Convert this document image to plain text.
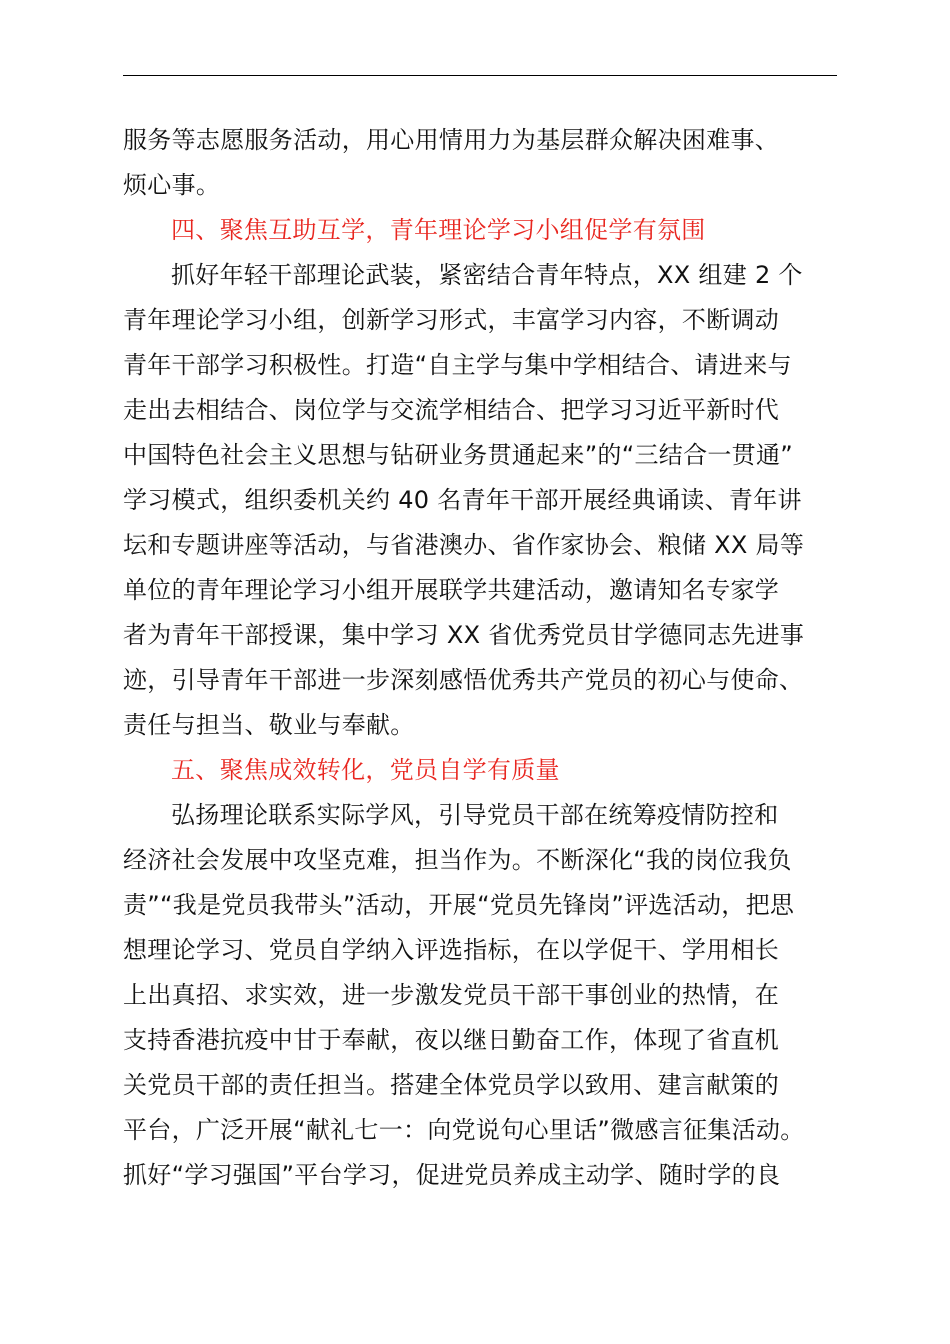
服务等志愿服务活动，用心用情用力为基层群众解决困难事、
烦心事。
四、聚焦互助互学，青年理论学习小组促学有氛围
抓好年轻干部理论武装，紧密结合青年特点，XX 组建 2 个
青年理论学习小组，创新学习形式，丰富学习内容，不断调动
青年干部学习积极性。打造“自主学与集中学相结合、请进来与
走出去相结合、岗位学与交流学相结合、把学习习近平新时代
中国特色社会主义思想与钻研业务贯通起来”的“三结合一贯通”
学习模式，组织委机关约 40 名青年干部开展经典诵读、青年讲
坛和专题讲座等活动，与省港澳办、省作家协会、粮储 XX 局等
单位的青年理论学习小组开展联学共建活动，邀请知名专家学
者为青年干部授课，集中学习 XX 省优秀党员甘学德同志先进事
迹，引导青年干部进一步深刻感悟优秀共产党员的初心与使命、
责任与担当、敬业与奉献。
五、聚焦成效转化，党员自学有质量
弘扬理论联系实际学风，引导党员干部在统筹疫情防控和
经济社会发展中攻坚克难，担当作为。不断深化“我的岗位我负
责”“我是党员我带头”活动，开展“党员先锋岗”评选活动，把思
想理论学习、党员自学纳入评选指标，在以学促干、学用相长
上出真招、求实效，进一步激发党员干部干事创业的热情，在
支持香港抗疫中甘于奉献，夜以继日勤奋工作，体现了省直机
关党员干部的责任担当。搭建全体党员学以致用、建言献策的
平台，广泛开展“献礼七一：向党说句心里话”微感言征集活动。
抓好“学习强国”平台学习，促进党员养成主动学、随时学的良
